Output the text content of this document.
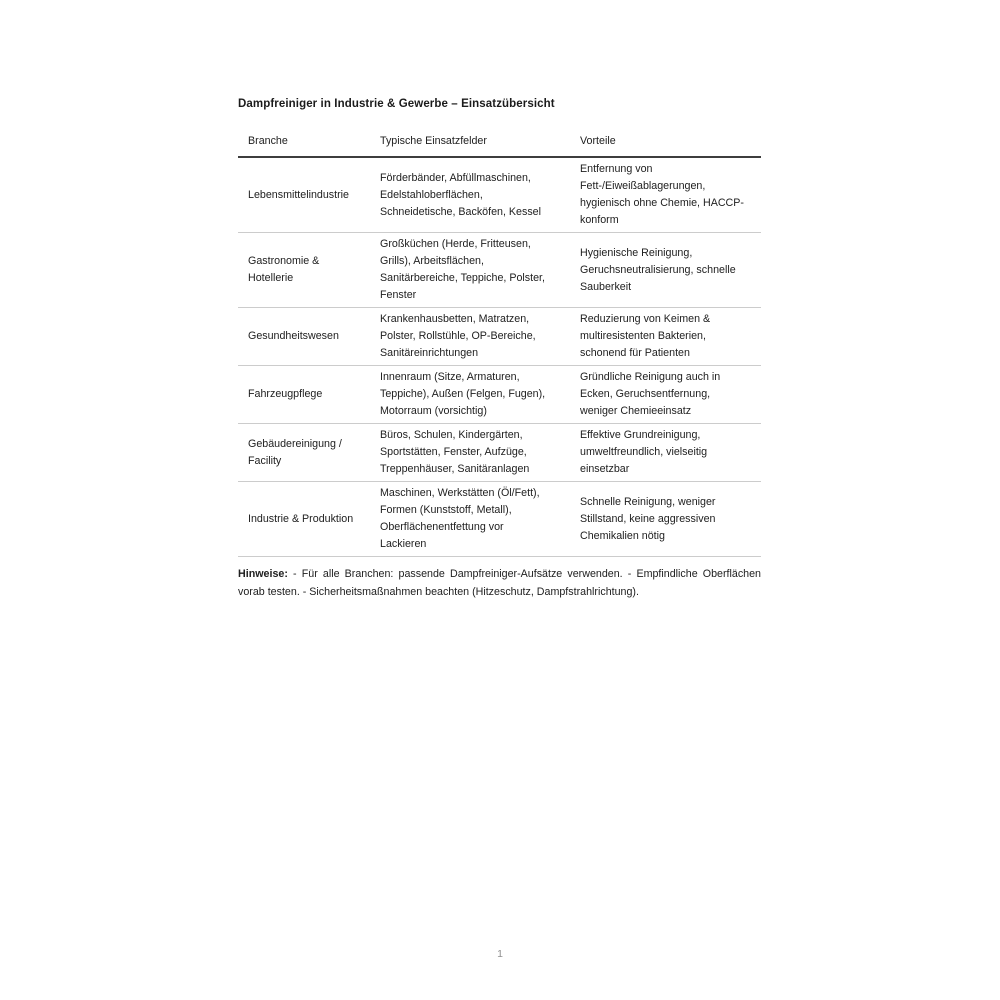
Dampfreiniger in Industrie & Gewerbe – Einsatzübersicht
Branche	Typische Einsatzfelder	Vorteile
Lebensmittelindustrie	Förderbänder, Abfüllmaschinen, Edelstahloberflächen, Schneidetische, Backöfen, Kessel	Entfernung von Fett-/Eiweißablagerungen, hygienisch ohne Chemie, HACCP-konform
Gastronomie & Hotellerie	Großküchen (Herde, Fritteusen, Grills), Arbeitsflächen, Sanitärbereiche, Teppiche, Polster, Fenster	Hygienische Reinigung, Geruchsneutralisierung, schnelle Sauberkeit
Gesundheitswesen	Krankenhausbetten, Matratzen, Polster, Rollstühle, OP-Bereiche, Sanitäreinrichtungen	Reduzierung von Keimen & multiresistenten Bakterien, schonend für Patienten
Fahrzeugpflege	Innenraum (Sitze, Armaturen, Teppiche), Außen (Felgen, Fugen), Motorraum (vorsichtig)	Gründliche Reinigung auch in Ecken, Geruchsentfernung, weniger Chemieeinsatz
Gebäudereinigung / Facility	Büros, Schulen, Kindergärten, Sportstätten, Fenster, Aufzüge, Treppenhäuser, Sanitäranlagen	Effektive Grundreinigung, umweltfreundlich, vielseitig einsetzbar
Industrie & Produktion	Maschinen, Werkstätten (Öl/Fett), Formen (Kunststoff, Metall), Oberflächenentfettung vor Lackieren	Schnelle Reinigung, weniger Stillstand, keine aggressiven Chemikalien nötig
Hinweise: - Für alle Branchen: passende Dampfreiniger-Aufsätze verwenden. - Empfindliche Oberflächen vorab testen. - Sicherheitsmaßnahmen beachten (Hitzeschutz, Dampfstrahlrichtung).
1
